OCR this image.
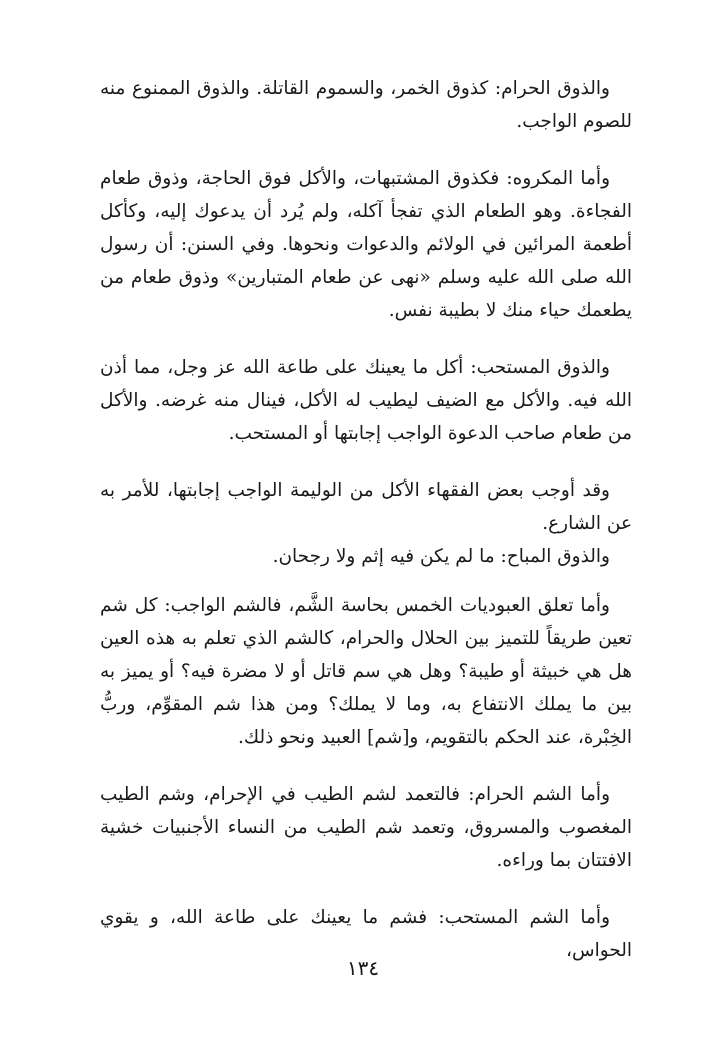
والذوق الحرام: كذوق الخمر، والسموم القاتلة. والذوق الممنوع منه للصوم الواجب.

وأما المكروه: فكذوق المشتبهات، والأكل فوق الحاجة، وذوق طعام الفجاءة. وهو الطعام الذي تفجأ آكله، ولم يُرد أن يدعوك إليه، وكأكل أطعمة المرائين في الولائم والدعوات ونحوها. وفي السنن: أن رسول الله صلى الله عليه وسلم «نهى عن طعام المتبارين» وذوق طعام من يطعمك حياء منك لا بطيبة نفس.

والذوق المستحب: أكل ما يعينك على طاعة الله عز وجل، مما أذن الله فيه. والأكل مع الضيف ليطيب له الأكل، فينال منه غرضه. والأكل من طعام صاحب الدعوة الواجب إجابتها أو المستحب.

وقد أوجب بعض الفقهاء الأكل من الوليمة الواجب إجابتها، للأمر به عن الشارع.

والذوق المباح: ما لم يكن فيه إثم ولا رجحان.

وأما تعلق العبوديات الخمس بحاسة الشَّم، فالشم الواجب: كل شم تعين طريقاً للتميز بين الحلال والحرام، كالشم الذي تعلم به هذه العين هل هي خبيثة أو طيبة؟ وهل هي سم قاتل أو لا مضرة فيه؟ أو يميز به بين ما يملك الانتفاع به، وما لا يملك؟ ومن هذا شم المقوِّم، وربُّ الخِبْرة، عند الحكم بالتقويم، و[شم] العبيد ونحو ذلك.

وأما الشم الحرام: فالتعمد لشم الطيب في الإحرام، وشم الطيب المغصوب والمسروق، وتعمد شم الطيب من النساء الأجنبيات خشية الافتتان بما وراءه.

وأما الشم المستحب: فشم ما يعينك على طاعة الله، و يقوي الحواس،

١٣٤
